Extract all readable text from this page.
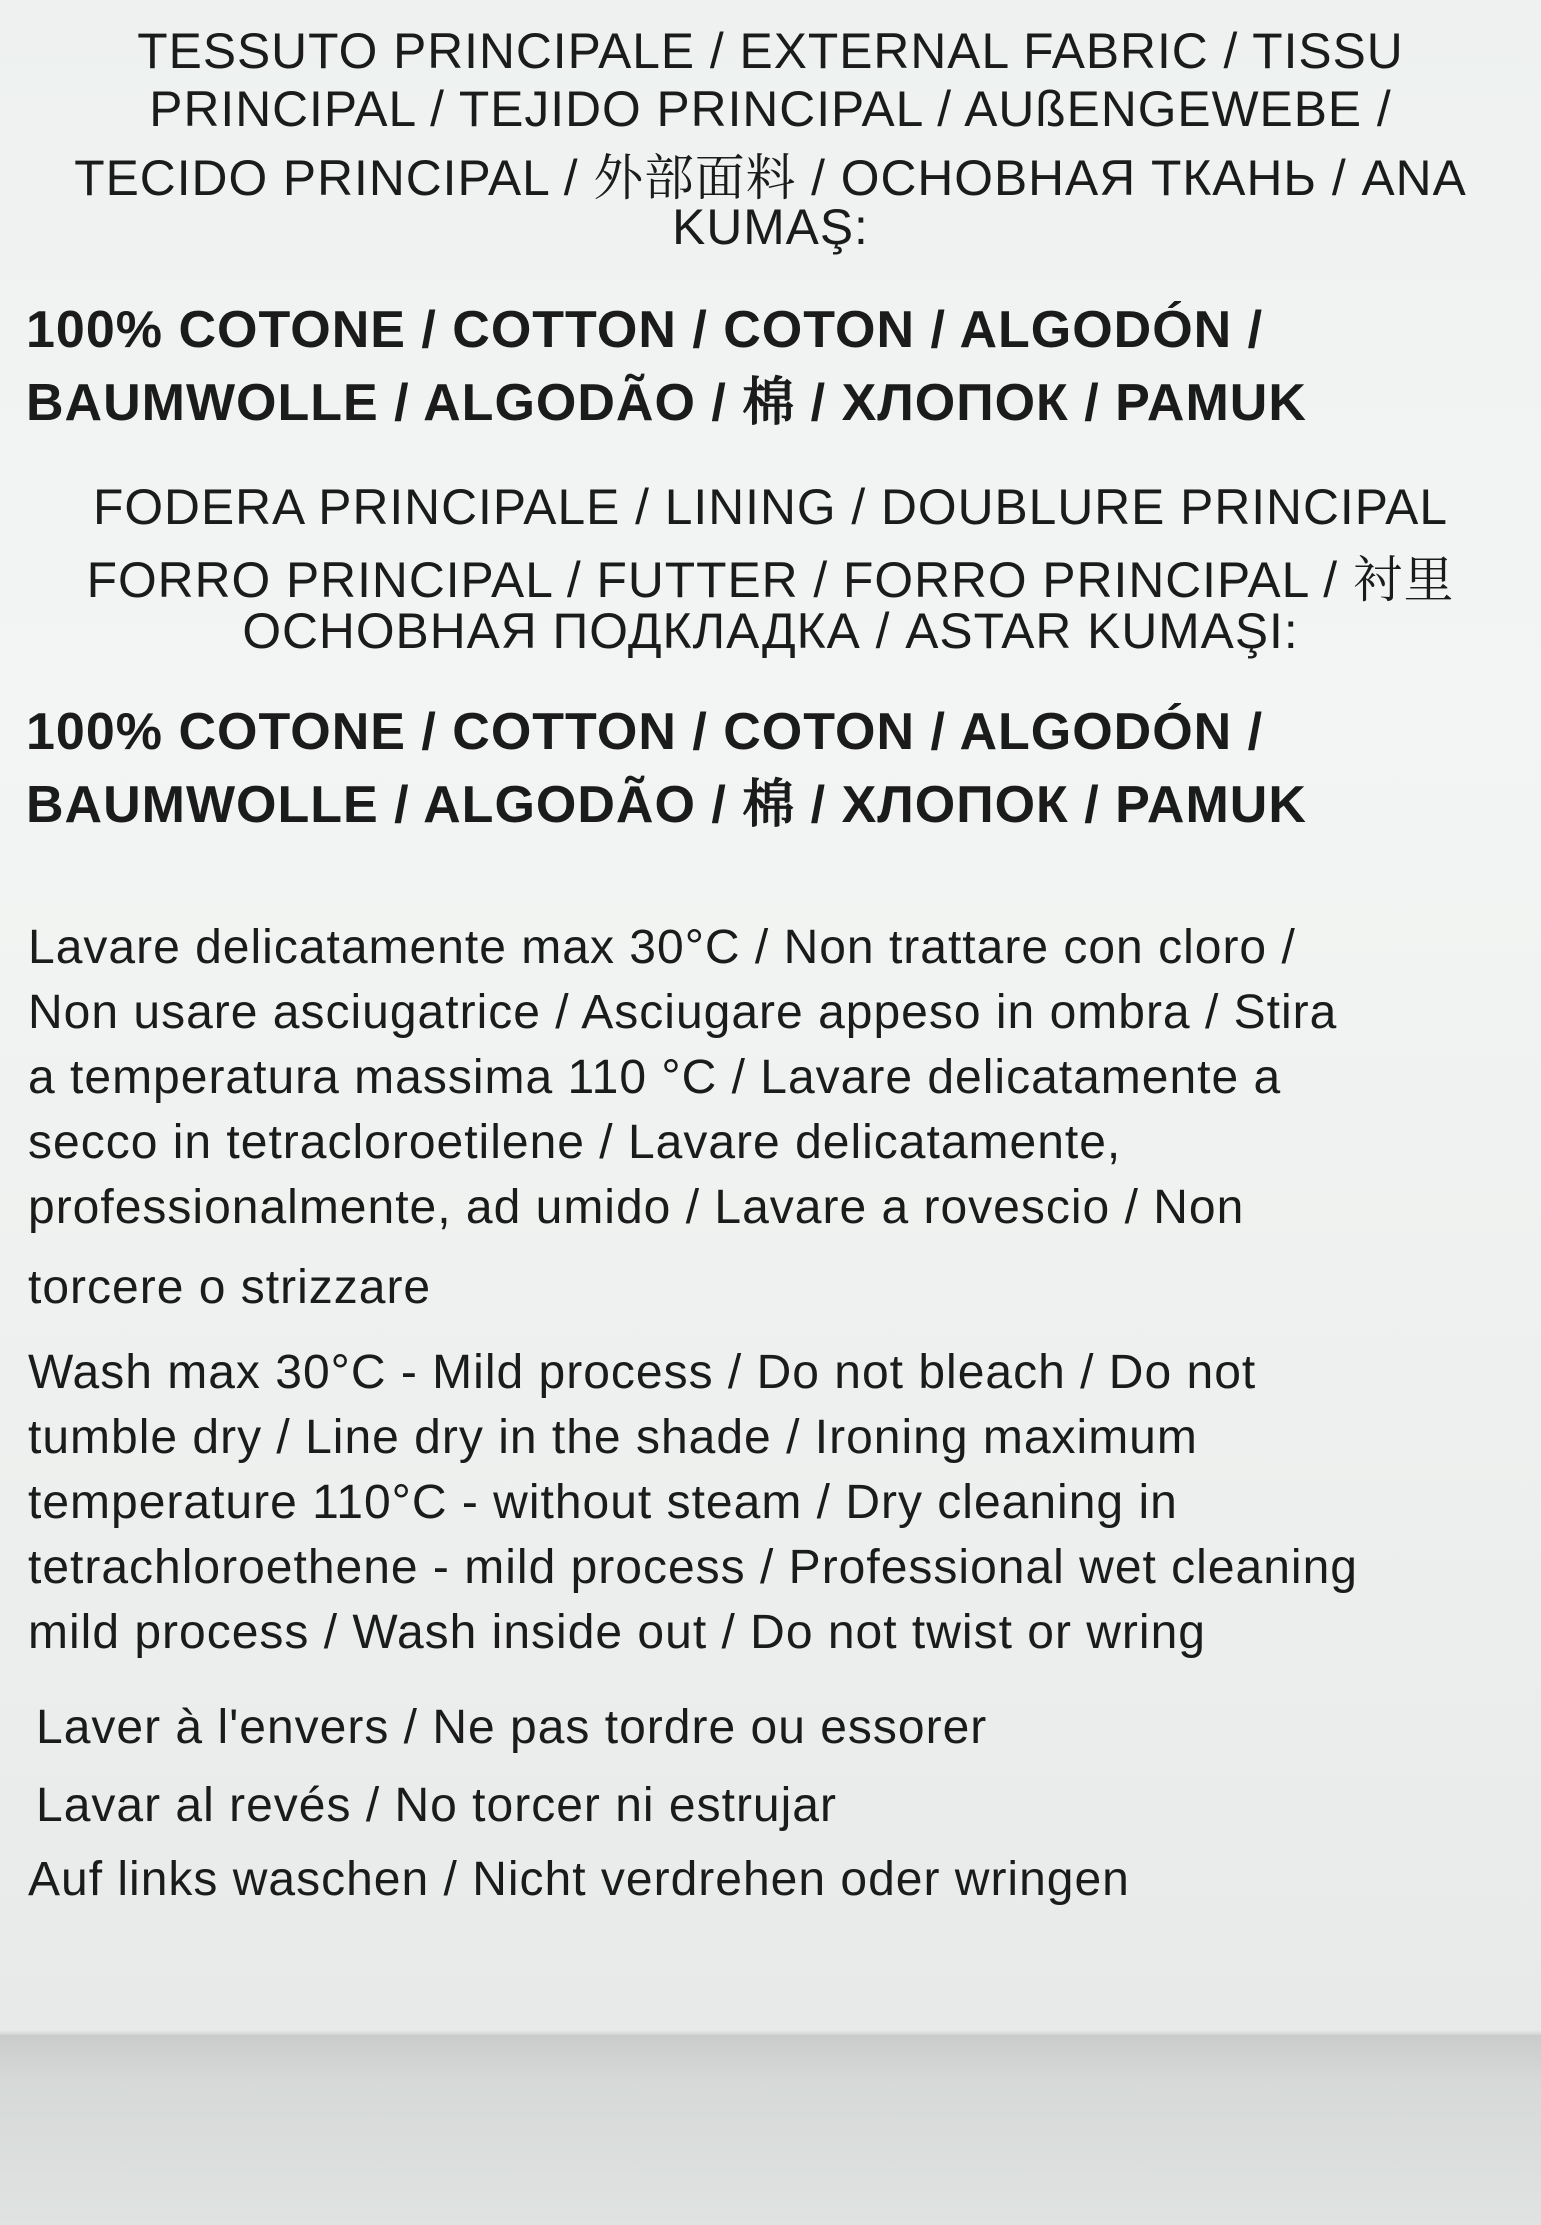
TESSUTO PRINCIPALE / EXTERNAL FABRIC / TISSU
PRINCIPAL / TEJIDO PRINCIPAL / AUßENGEWEBE /
TECIDO PRINCIPAL / 外部面料 / ОСНОВНАЯ ТКАНЬ / ANA
KUMAŞ:
100% COTONE / COTTON / COTON / ALGODÓN /
BAUMWOLLE / ALGODÃO / 棉 / ХЛОПОК / PAMUK
FODERA PRINCIPALE / LINING / DOUBLURE PRINCIPAL
FORRO PRINCIPAL / FUTTER / FORRO PRINCIPAL / 衬里
ОСНОВНАЯ ПОДКЛАДКА / ASTAR KUMAŞI:
100% COTONE / COTTON / COTON / ALGODÓN /
BAUMWOLLE / ALGODÃO / 棉 / ХЛОПОК / PAMUK
Lavare delicatamente max 30°C / Non trattare con cloro /
Non usare asciugatrice / Asciugare appeso in ombra / Stira
a temperatura massima 110 °C / Lavare delicatamente a
secco in tetracloroetilene / Lavare delicatamente,
professionalmente, ad umido / Lavare a rovescio / Non
torcere o strizzare
Wash max 30°C - Mild process / Do not bleach / Do not
tumble dry / Line dry in the shade / Ironing maximum
temperature 110°C - without steam / Dry cleaning in
tetrachloroethene - mild process / Professional wet cleaning
mild process / Wash inside out / Do not twist or wring
Laver à l'envers / Ne pas tordre ou essorer
Lavar al revés / No torcer ni estrujar
Auf links waschen / Nicht verdrehen oder wringen
